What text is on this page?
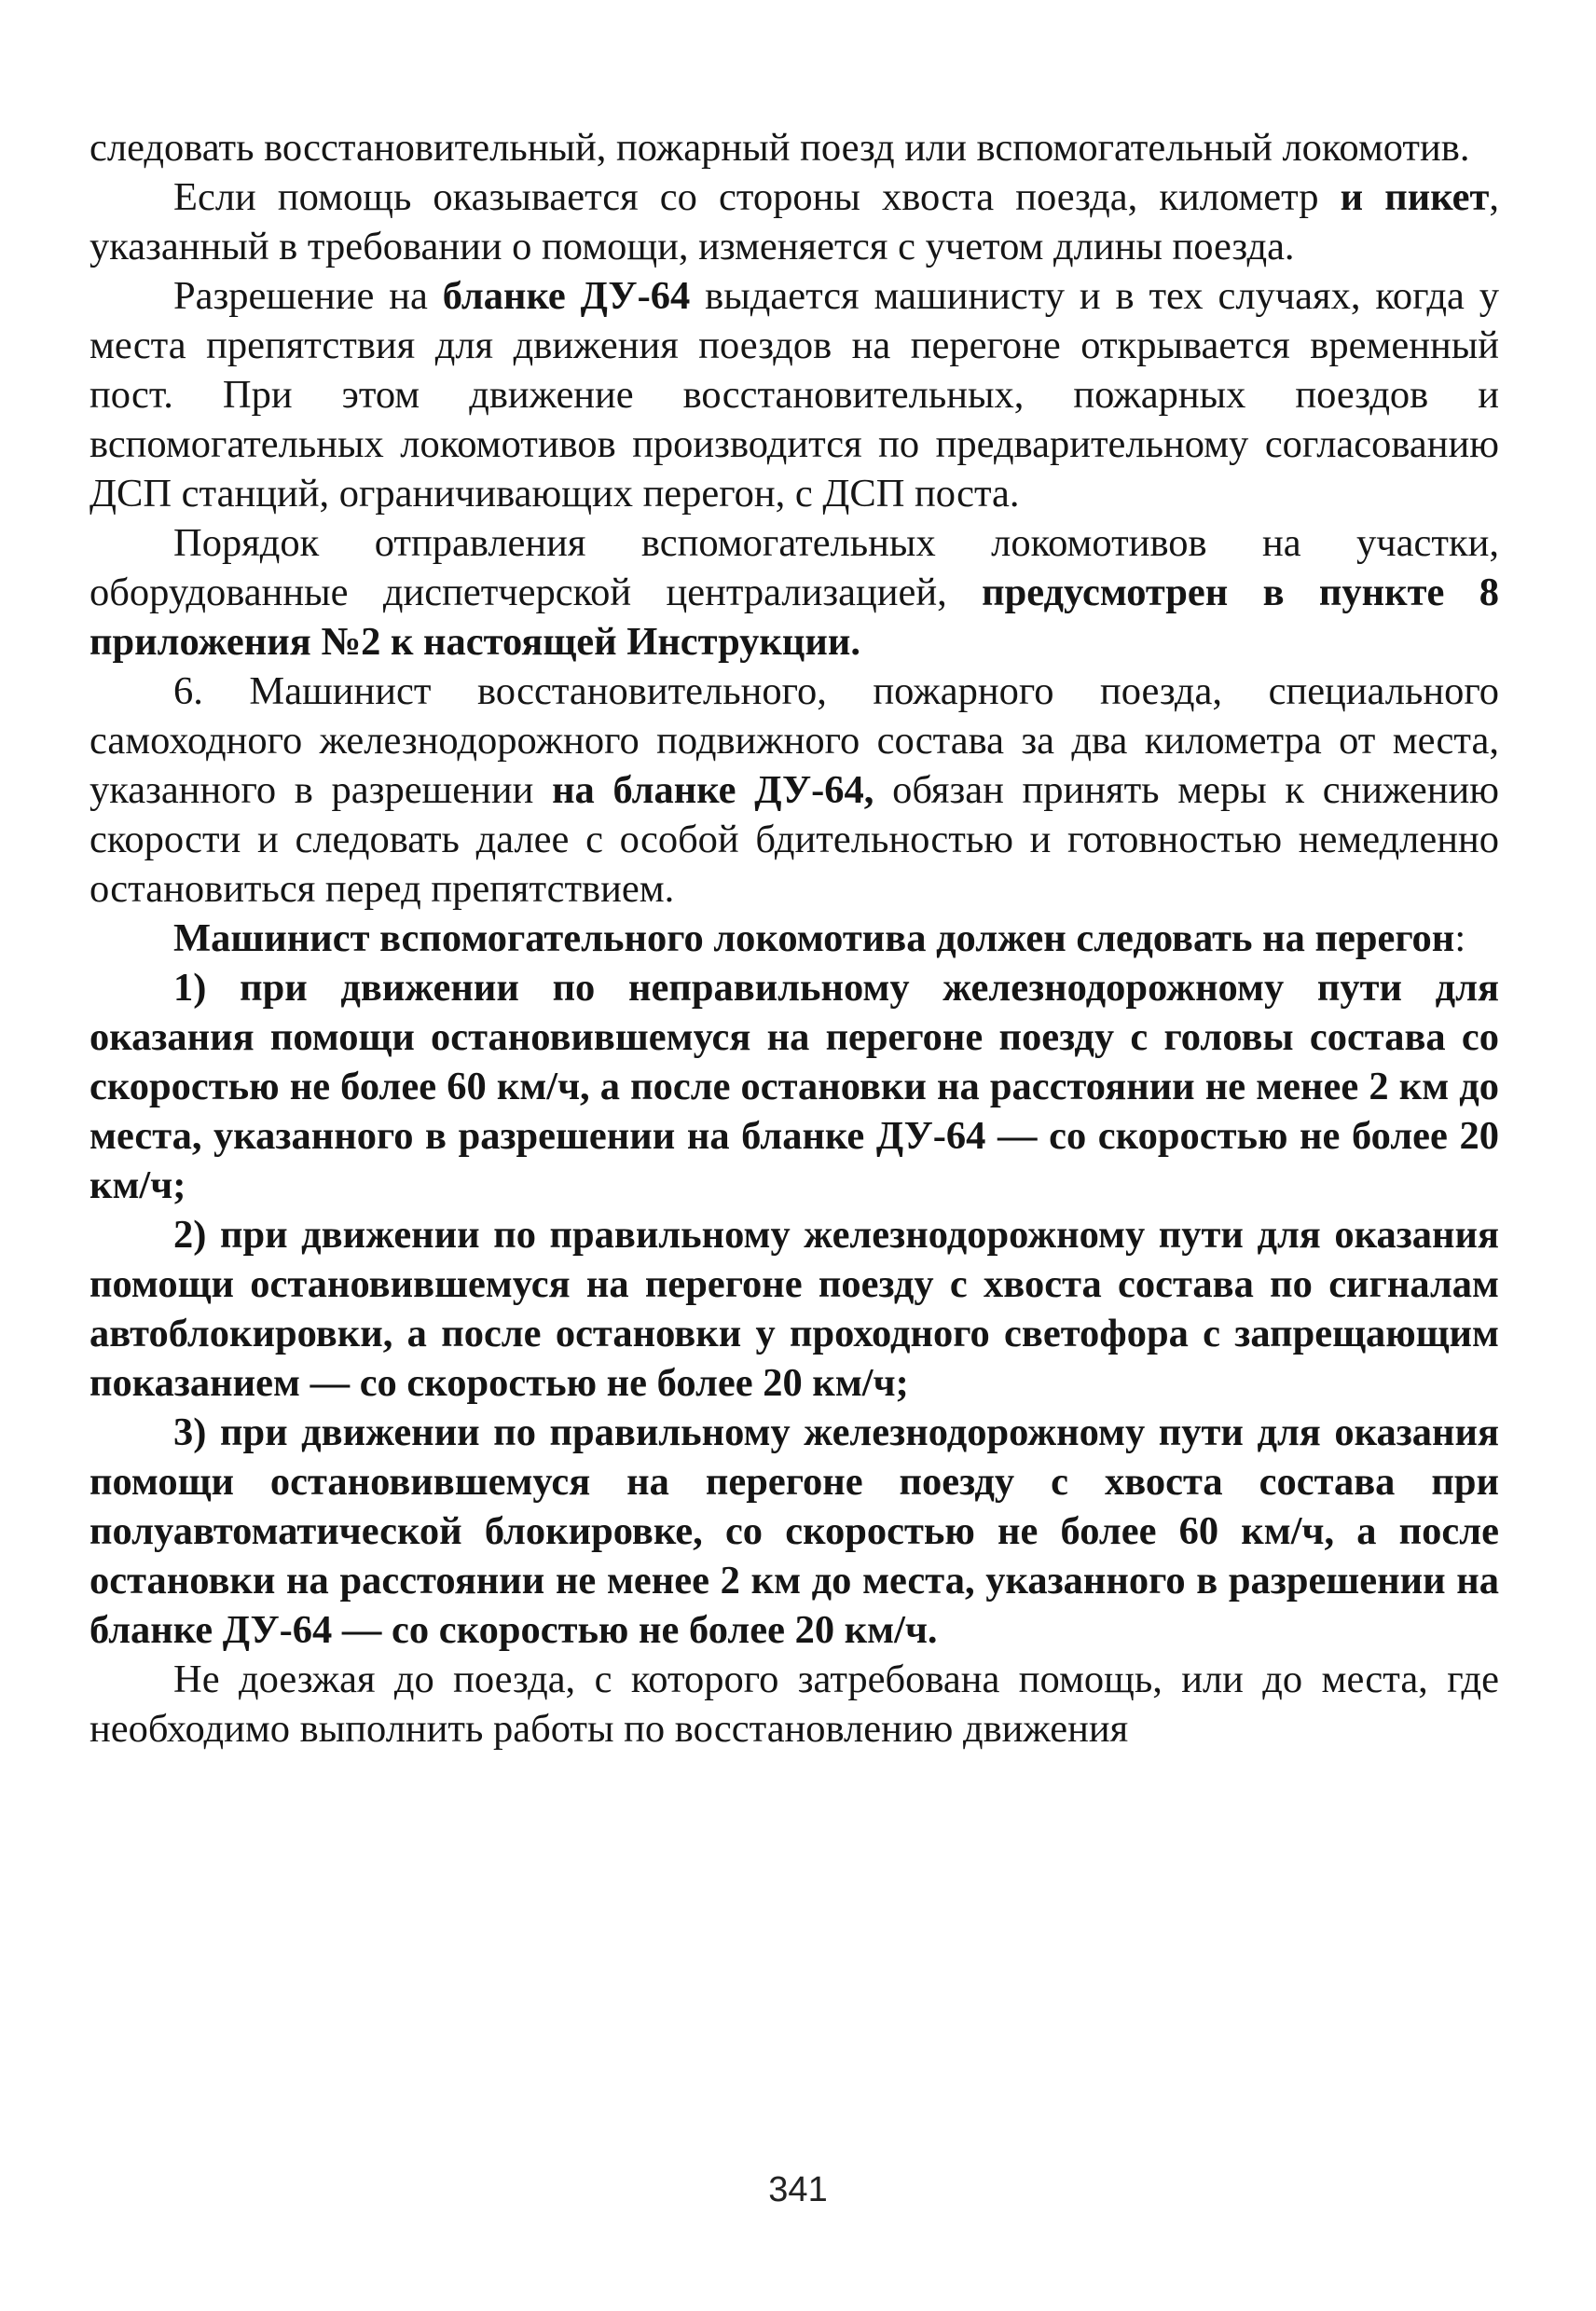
следовать восстановительный, пожарный поезд или вспомогательный локомотив.

Если помощь оказывается со стороны хвоста поезда, километр и пикет, указанный в требовании о помощи, изменяется с учетом длины поезда.

Разрешение на бланке ДУ-64 выдается машинисту и в тех случаях, когда у места препятствия для движения поездов на перегоне открывается временный пост. При этом движение восстановительных, пожарных поездов и вспомогательных локомотивов производится по предварительному согласованию ДСП станций, ограничивающих перегон, с ДСП поста.

Порядок отправления вспомогательных локомотивов на участки, оборудованные диспетчерской централизацией, предусмотрен в пункте 8 приложения №2 к настоящей Инструкции.

6. Машинист восстановительного, пожарного поезда, специального самоходного железнодорожного подвижного состава за два километра от места, указанного в разрешении на бланке ДУ-64, обязан принять меры к снижению скорости и следовать далее с особой бдительностью и готовностью немедленно остановиться перед препятствием.

Машинист вспомогательного локомотива должен следовать на перегон:

1) при движении по неправильному железнодорожному пути для оказания помощи остановившемуся на перегоне поезду с головы состава со скоростью не более 60 км/ч, а после остановки на расстоянии не менее 2 км до места, указанного в разрешении на бланке ДУ-64 — со скоростью не более 20 км/ч;

2) при движении по правильному железнодорожному пути для оказания помощи остановившемуся на перегоне поезду с хвоста состава по сигналам автоблокировки, а после остановки у проходного светофора с запрещающим показанием — со скоростью не более 20 км/ч;

3) при движении по правильному железнодорожному пути для оказания помощи остановившемуся на перегоне поезду с хвоста состава при полуавтоматической блокировке, со скоростью не более 60 км/ч, а после остановки на расстоянии не менее 2 км до места, указанного в разрешении на бланке ДУ-64 — со скоростью не более 20 км/ч.

Не доезжая до поезда, с которого затребована помощь, или до места, где необходимо выполнить работы по восстановлению движения

341
